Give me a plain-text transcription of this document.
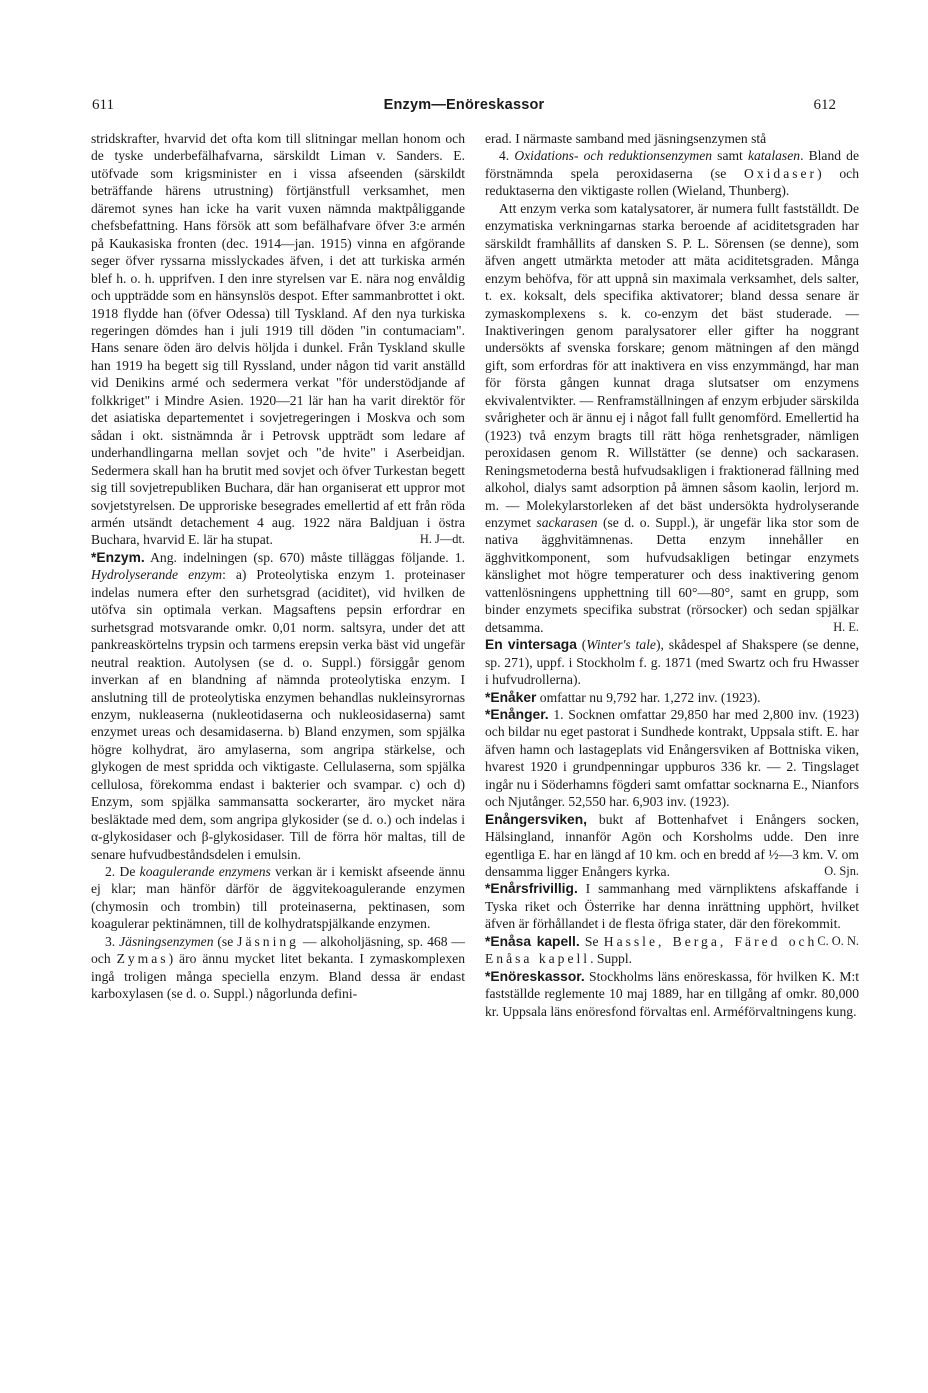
611	Enzym—Enöreskassor	612

stridskrafter, hvarvid det ofta kom till slitningar mellan honom och de tyske underbefälhafvarna, särskildt Liman v. Sanders. E. utöfvade som krigsminister en i vissa afseenden (särskildt beträffande härens utrustning) förtjänstfull verksamhet, men däremot synes han icke ha varit vuxen nämnda maktpåliggande chefsbefattning. Hans försök att som befälhafvare öfver 3:e armén på Kaukasiska fronten (dec. 1914—jan. 1915) vinna en afgörande seger öfver ryssarna misslyckades äfven, i det att turkiska armén blef h. o. h. upprifven. I den inre styrelsen var E. nära nog envåldig och uppträdde som en hänsynslös despot. Efter sammanbrottet i okt. 1918 flydde han (öfver Odessa) till Tyskland. Af den nya turkiska regeringen dömdes han i juli 1919 till döden "in contumaciam". Hans senare öden äro delvis höljda i dunkel. Från Tyskland skulle han 1919 ha begett sig till Ryssland, under någon tid varit anställd vid Denikins armé och sedermera verkat "för understödjande af folkkriget" i Mindre Asien. 1920—21 lär han ha varit direktör för det asiatiska departementet i sovjetregeringen i Moskva och som sådan i okt. sistnämnda år i Petrovsk uppträdt som ledare af underhandlingarna mellan sovjet och "de hvite" i Aserbeidjan. Sedermera skall han ha brutit med sovjet och öfver Turkestan begett sig till sovjetrepubliken Buchara, där han organiserat ett uppror mot sovjetstyrelsen. De upproriske besegrades emellertid af ett från röda armén utsändt detachement 4 aug. 1922 nära Baldjuan i östra Buchara, hvarvid E. lär ha stupat.	H. J—dt.

*Enzym. Ang. indelningen (sp. 670) måste tilläggas följande. 1. Hydrolyserande enzym: a) Proteolytiska enzym 1. proteinaser indelas numera efter den surhetsgrad (aciditet), vid hvilken de utöfva sin optimala verkan. Magsaftens pepsin erfordrar en surhetsgrad motsvarande omkr. 0,01 norm. saltsyra, under det att pankreaskörtelns trypsin och tarmens erepsin verka bäst vid ungefär neutral reaktion. Autolysen (se d. o. Suppl.) försiggår genom inverkan af en blandning af nämnda proteolytiska enzym. I anslutning till de proteolytiska enzymen behandlas nukleinsyrornas enzym, nukleaserna (nukleotidaserna och nukleosidaserna) samt enzymet ureas och desamidaserna. b) Bland enzymen, som spjälka högre kolhydrat, äro amylaserna, som angripa stärkelse, och glykogen de mest spridda och viktigaste. Cellulaserna, som spjälka cellulosa, förekomma endast i bakterier och svampar. c) och d) Enzym, som spjälka sammansatta sockerarter, äro mycket nära besläktade med dem, som angripa glykosider (se d. o.) och indelas i α-glykosidaser och β-glykosidaser. Till de förra hör maltas, till de senare hufvudbeståndsdelen i emulsin.

2. De koagulerande enzymens verkan är i kemiskt afseende ännu ej klar; man hänför därför de äggvitekoagulerande enzymen (chymosin och trombin) till proteinaserna, pektinasen, som koagulerar pektinämnen, till de kolhydratspjälkande enzymen.

3. Jäsningsenzymen (se Jäsning — alkoholjäsning, sp. 468 — och Zymas) äro ännu mycket litet bekanta. I zymaskomplexen ingå troligen många speciella enzym. Bland dessa är endast karboxylasen (se d. o. Suppl.) någorlunda defini-

erad. I närmaste samband med jäsningsenzymen stå

4. Oxidations- och reduktionsenzymen samt katalasen. Bland de förstnämnda spela peroxidaserna (se Oxidaser) och reduktaserna den viktigaste rollen (Wieland, Thunberg).

Att enzym verka som katalysatorer, är numera fullt fastställdt. De enzymatiska verkningarnas starka beroende af aciditetsgraden har särskildt framhållits af dansken S. P. L. Sörensen (se denne), som äfven angett utmärkta metoder att mäta aciditetsgraden. Många enzym behöfva, för att uppnå sin maximala verksamhet, dels salter, t. ex. koksalt, dels specifika aktivatorer; bland dessa senare är zymaskomplexens s. k. co-enzym det bäst studerade. — Inaktiveringen genom paralysatorer eller gifter ha noggrant undersökts af svenska forskare; genom mätningen af den mängd gift, som erfordras för att inaktivera en viss enzymmängd, har man för första gången kunnat draga slutsatser om enzymens ekvivalentvikter. — Renframställningen af enzym erbjuder särskilda svårigheter och är ännu ej i något fall fullt genomförd. Emellertid ha (1923) två enzym bragts till rätt höga renhetsgrader, nämligen peroxidasen genom R. Willstätter (se denne) och sackarasen. Reningsmetoderna bestå hufvudsakligen i fraktionerad fällning med alkohol, dialys samt adsorption på ämnen såsom kaolin, lerjord m. m. — Molekylarstorleken af det bäst undersökta hydrolyserande enzymet sackarasen (se d. o. Suppl.), är ungefär lika stor som de nativa ägghvitämnenas. Detta enzym innehåller en ägghvitkomponent, som hufvudsakligen betingar enzymets känslighet mot högre temperaturer och dess inaktivering genom vattenlösningens upphettning till 60°—80°, samt en grupp, som binder enzymets specifika substrat (rörsocker) och sedan spjälkar detsamma.	H. E.

En vintersaga (Winter's tale), skådespel af Shakspere (se denne, sp. 271), uppf. i Stockholm f. g. 1871 (med Swartz och fru Hwasser i hufvudrollerna).

*Enåker omfattar nu 9,792 har. 1,272 inv. (1923).

*Enånger. 1. Socknen omfattar 29,850 har med 2,800 inv. (1923) och bildar nu eget pastorat i Sundhede kontrakt, Uppsala stift. E. har äfven hamn och lastageplats vid Enångersviken af Bottniska viken, hvarest 1920 i grundpenningar uppburos 336 kr. — 2. Tingslaget ingår nu i Söderhamns fögderi samt omfattar socknarna E., Nianfors och Njutånger. 52,550 har. 6,903 inv. (1923).

Enångersviken, bukt af Bottenhafvet i Enångers socken, Hälsingland, innanför Agön och Korsholms udde. Den inre egentliga E. har en längd af 10 km. och en bredd af ½—3 km. V. om densamma ligger Enångers kyrka.	O. Sjn.

*Enårsfrivillig. I sammanhang med värnpliktens afskaffande i Tyska riket och Österrike har denna inrättning upphört, hvilket äfven är förhållandet i de flesta öfriga stater, där den förekommit.
C. O. N.

*Enåsa kapell. Se Hassle, Berga, Färed och Enåsa kapell. Suppl.

*Enöreskassor. Stockholms läns enöreskassa, för hvilken K. M:t fastställde reglemente 10 maj 1889, har en tillgång af omkr. 80,000 kr. Uppsala läns enöresfond förvaltas enl. Arméförvaltningens kung.
